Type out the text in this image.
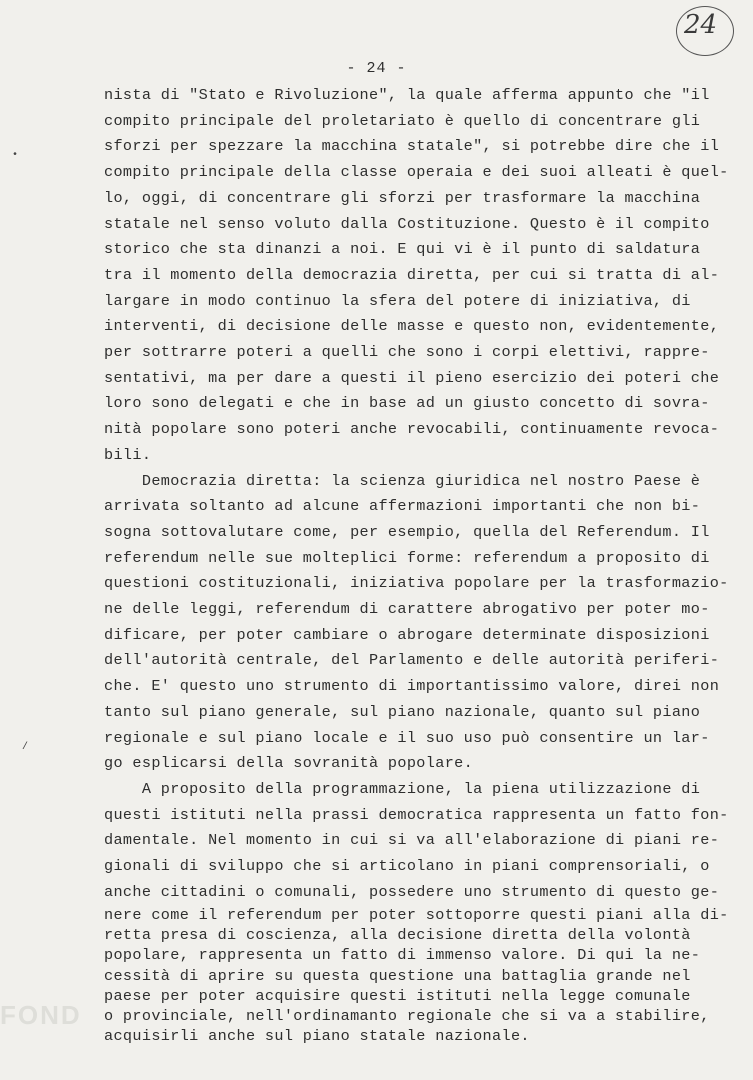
24
- 24 -
•
/
nista di "Stato e Rivoluzione", la quale afferma appunto che "il
compito principale del proletariato è quello di concentrare gli
sforzi per spezzare la macchina statale", si potrebbe dire che il
compito principale della classe operaia e dei suoi alleati è quel-
lo, oggi, di concentrare gli sforzi per trasformare la macchina
statale nel senso voluto dalla Costituzione. Questo è il compito
storico che sta dinanzi a noi. E qui vi è il punto di saldatura
tra il momento della democrazia diretta, per cui si tratta di al-
largare in modo continuo la sfera del potere di iniziativa, di
interventi, di decisione delle masse e questo non, evidentemente,
per sottrarre poteri a quelli che sono i corpi elettivi, rappre-
sentativi, ma per dare a questi il pieno esercizio dei poteri che
loro sono delegati e che in base ad un giusto concetto di sovra-
nità popolare sono poteri anche revocabili, continuamente revoca-
bili.
Democrazia diretta: la scienza giuridica nel nostro Paese è
arrivata soltanto ad alcune affermazioni importanti che non bi-
sogna sottovalutare come, per esempio, quella del Referendum. Il
referendum nelle sue molteplici forme: referendum a proposito di
questioni costituzionali, iniziativa popolare per la trasformazio-
ne delle leggi, referendum di carattere abrogativo per poter mo-
dificare, per poter cambiare o abrogare determinate disposizioni
dell'autorità centrale, del Parlamento e delle autorità periferi-
che. E' questo uno strumento di importantissimo valore, direi non
tanto sul piano generale, sul piano nazionale, quanto sul piano
regionale e sul piano locale e il suo uso può consentire un lar-
go esplicarsi della sovranità popolare.
A proposito della programmazione, la piena utilizzazione di
questi istituti nella prassi democratica rappresenta un fatto fon-
damentale. Nel momento in cui si va all'elaborazione di piani re-
gionali di sviluppo che si articolano in piani comprensoriali, o
anche cittadini o comunali, possedere uno strumento di questo ge-
nere come il referendum per poter sottoporre questi piani alla di-
retta presa di coscienza, alla decisione diretta della volontà
popolare, rappresenta un fatto di immenso valore. Di qui la ne-
cessità di aprire su questa questione una battaglia grande nel
paese per poter acquisire questi istituti nella legge comunale
o provinciale, nell'ordinamanto regionale che si va a stabilire,
acquisirli anche sul piano statale nazionale.
FOND
